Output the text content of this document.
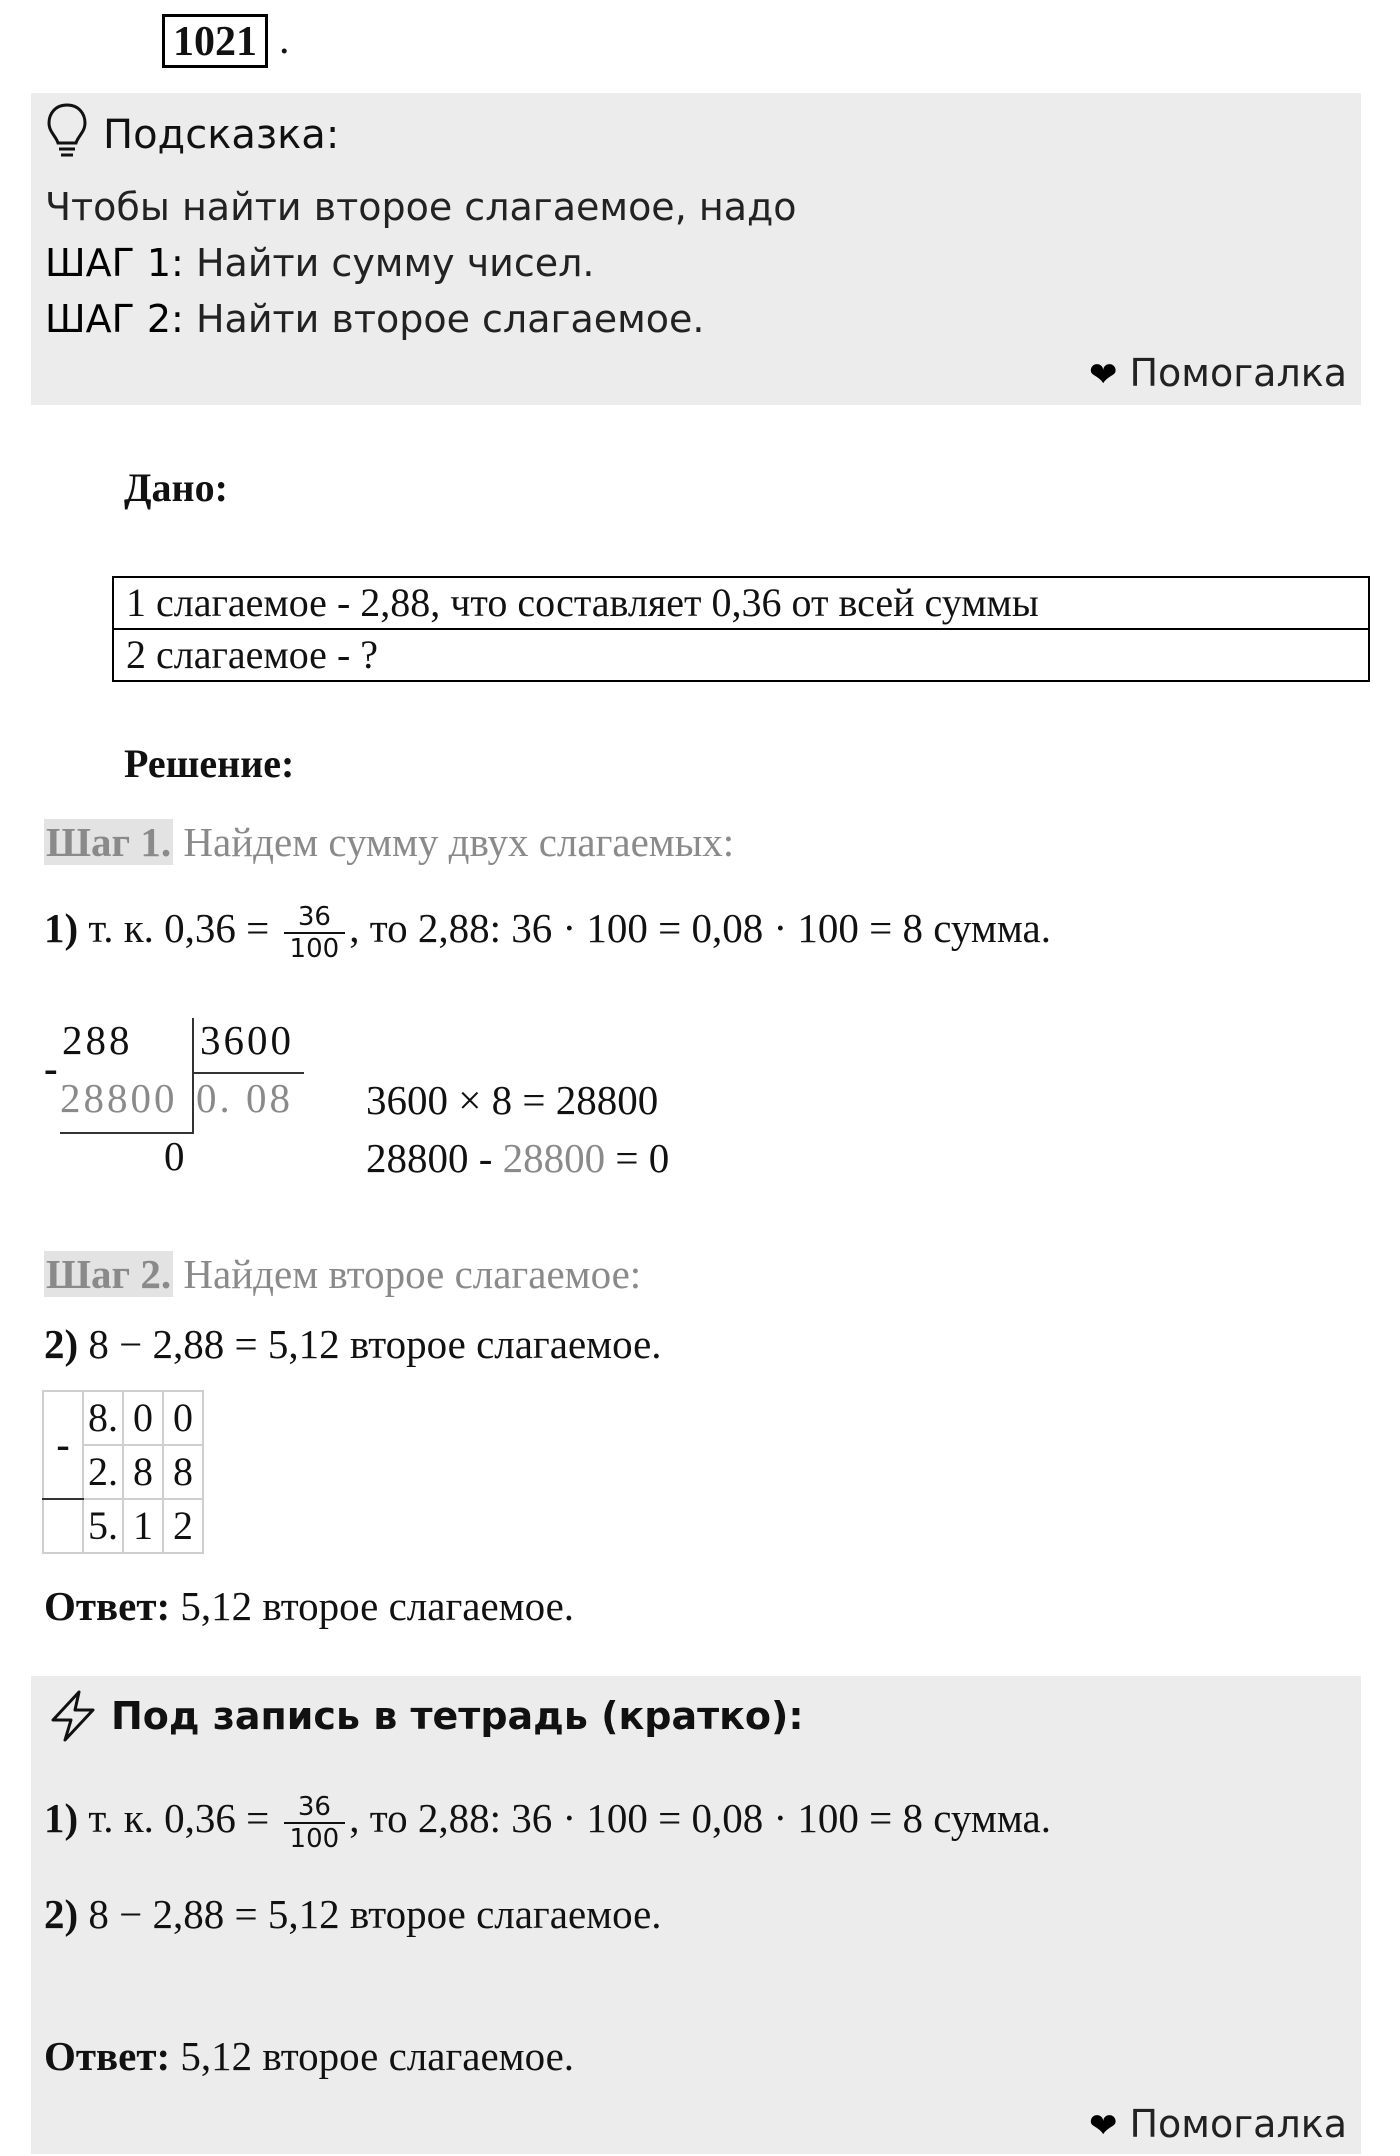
1021 .
Подсказка:
Чтобы найти второе слагаемое, надо
ШАГ 1: Найти сумму чисел.
ШАГ 2: Найти второе слагаемое.
❤ Помогалка
Дано:
1 слагаемое - 2,88, что составляет 0,36 от всей суммы
2 слагаемое - ?
Решение:
Шаг 1. Найдем сумму двух слагаемых:
1) т. к. $0,36 = \frac{36}{100}$ , то 2,88: 36 · 100 = 0,08 · 100 = 8 сумма.
288
-
28800
3600
0. 08
0
3600 × 8 = 28800
28800 - 28800 = 0
Шаг 2. Найдем второе слагаемое:
2) 8 − 2,88 = 5,12 второе слагаемое.
-	8.	0	0
	2.	8	8
	5.	1	2
Ответ: 5,12 второе слагаемое.
Под запись в тетрадь (кратко):
1) т. к. $0,36 = \frac{36}{100}$ , то 2,88: 36 · 100 = 0,08 · 100 = 8 сумма.
2) 8 − 2,88 = 5,12 второе слагаемое.
Ответ: 5,12 второе слагаемое.
❤ Помогалка
